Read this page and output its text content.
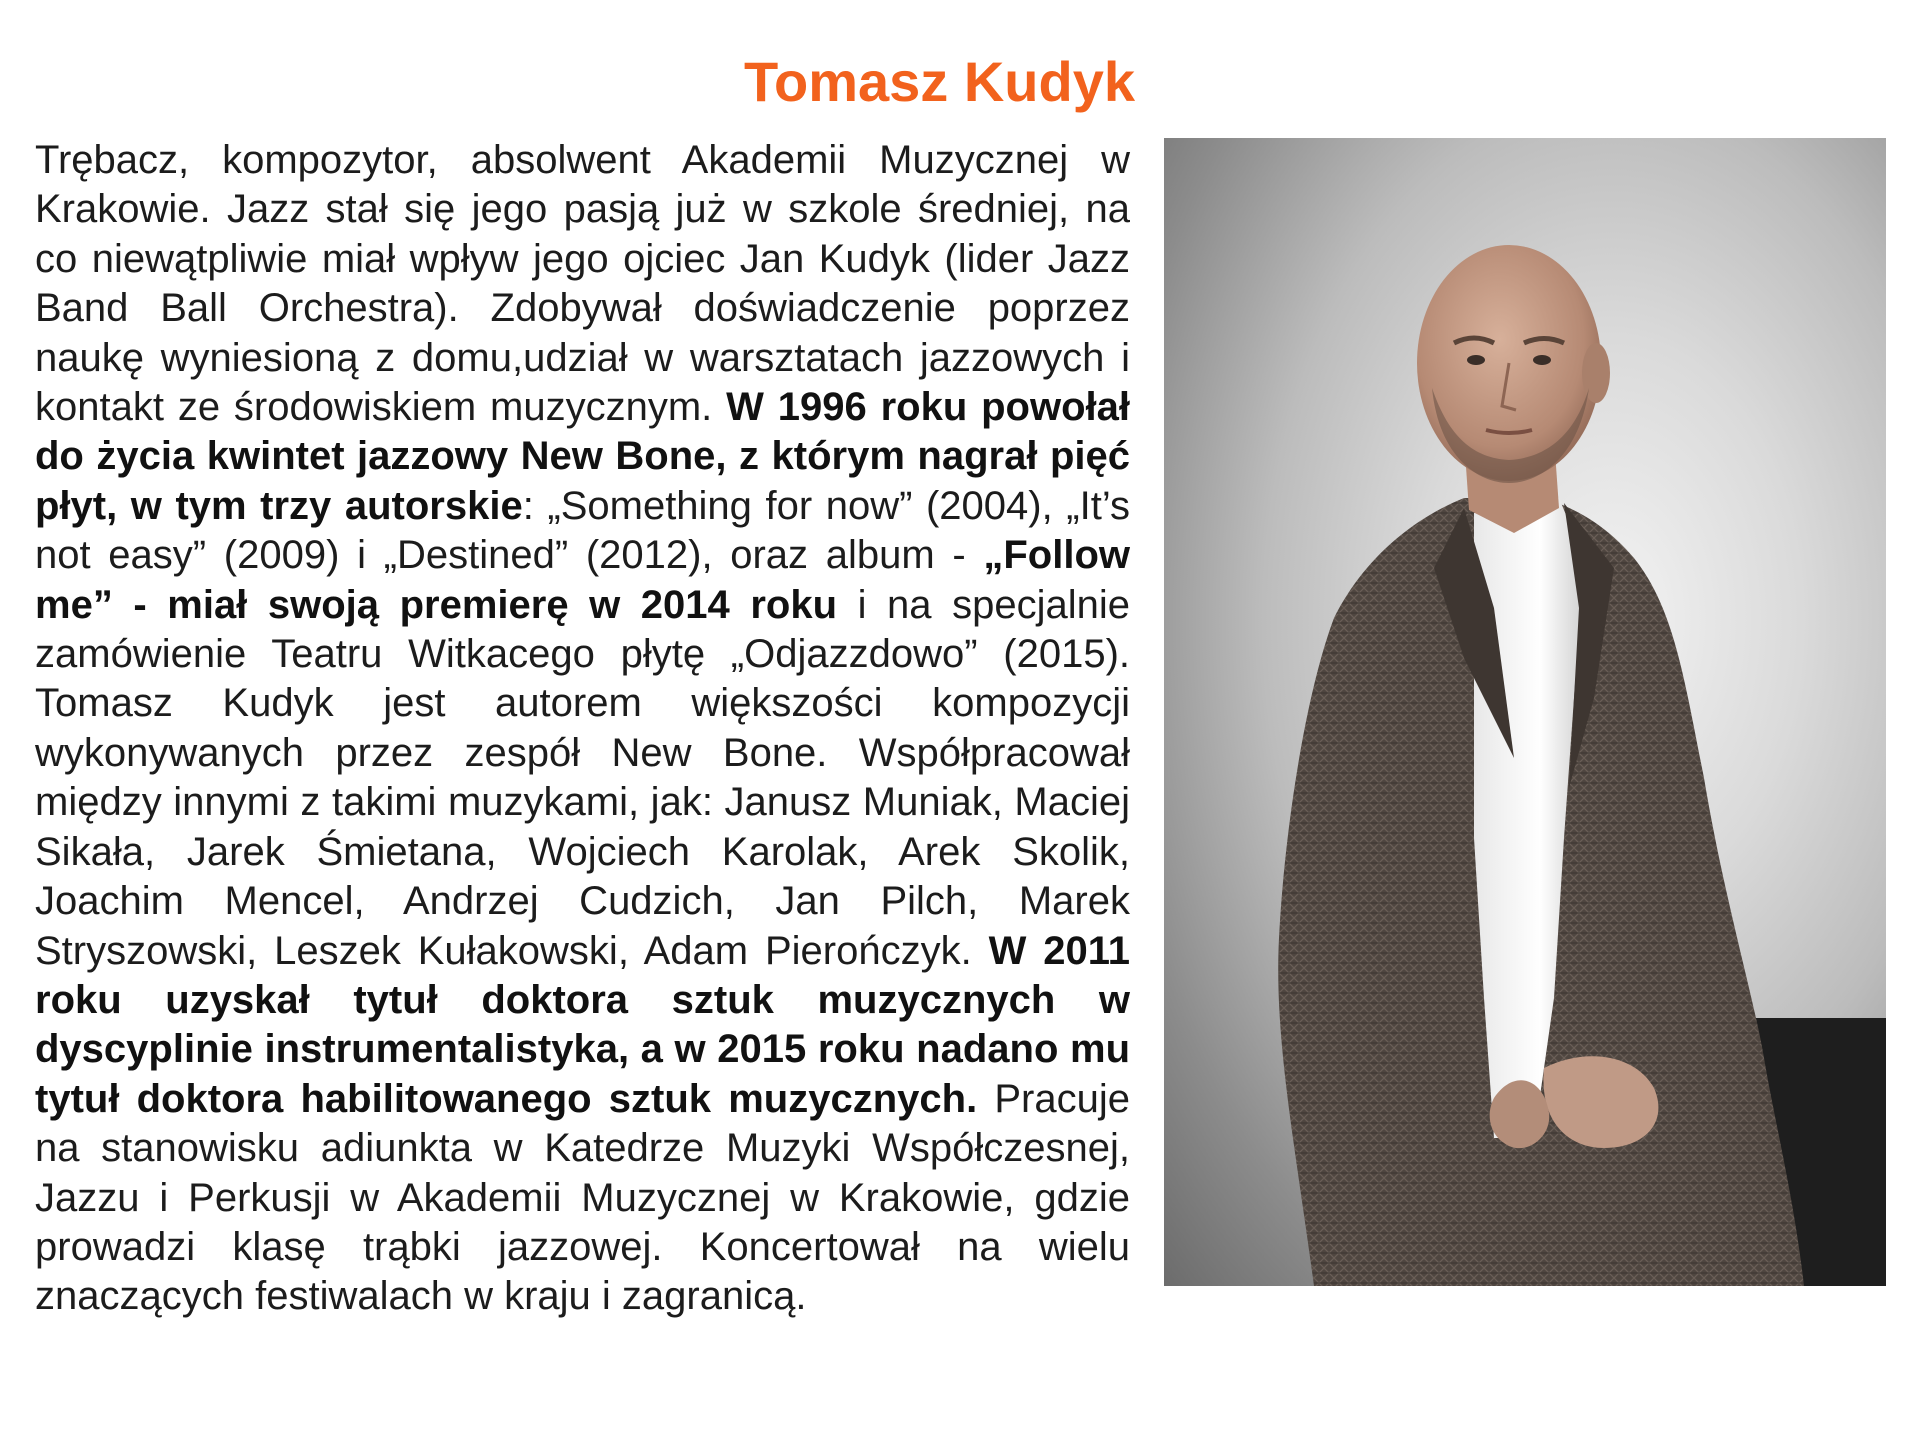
Tomasz Kudyk

Trębacz, kompozytor, absolwent Akademii Muzycznej w Krakowie. Jazz stał się jego pasją już w szkole średniej, na co niewątpliwie miał wpływ jego ojciec Jan Kudyk (lider Jazz Band Ball Orchestra). Zdobywał doświadczenie poprzez naukę wyniesioną z domu,udział w warsztatach jazzowych i kontakt ze środowiskiem muzycznym. W 1996 roku powołał do życia kwintet jazzowy New Bone, z którym nagrał pięć płyt, w tym trzy autorskie: „Something for now” (2004), „It’s not easy” (2009) i „Destined” (2012), oraz album - „Follow me” - miał swoją premierę w 2014 roku i na specjalnie zamówienie Teatru Witkacego płytę „Odjazzdowo” (2015). Tomasz Kudyk jest autorem większości kompozycji wykonywanych przez zespół New Bone. Współpracował między innymi z takimi muzykami, jak: Janusz Muniak, Maciej Sikała, Jarek Śmietana, Wojciech Karolak, Arek Skolik, Joachim Mencel, Andrzej Cudzich, Jan Pilch, Marek Stryszowski, Leszek Kułakowski, Adam Pierończyk. W 2011 roku uzyskał tytuł doktora sztuk muzycznych w dyscyplinie instrumentalistyka, a w 2015 roku nadano mu tytuł doktora habilitowanego sztuk muzycznych. Pracuje na stanowisku adiunkta w Katedrze Muzyki Współczesnej, Jazzu i Perkusji w Akademii Muzycznej w Krakowie, gdzie prowadzi klasę trąbki jazzowej. Koncertował na wielu znaczących festiwalach w kraju i zagranicą.
